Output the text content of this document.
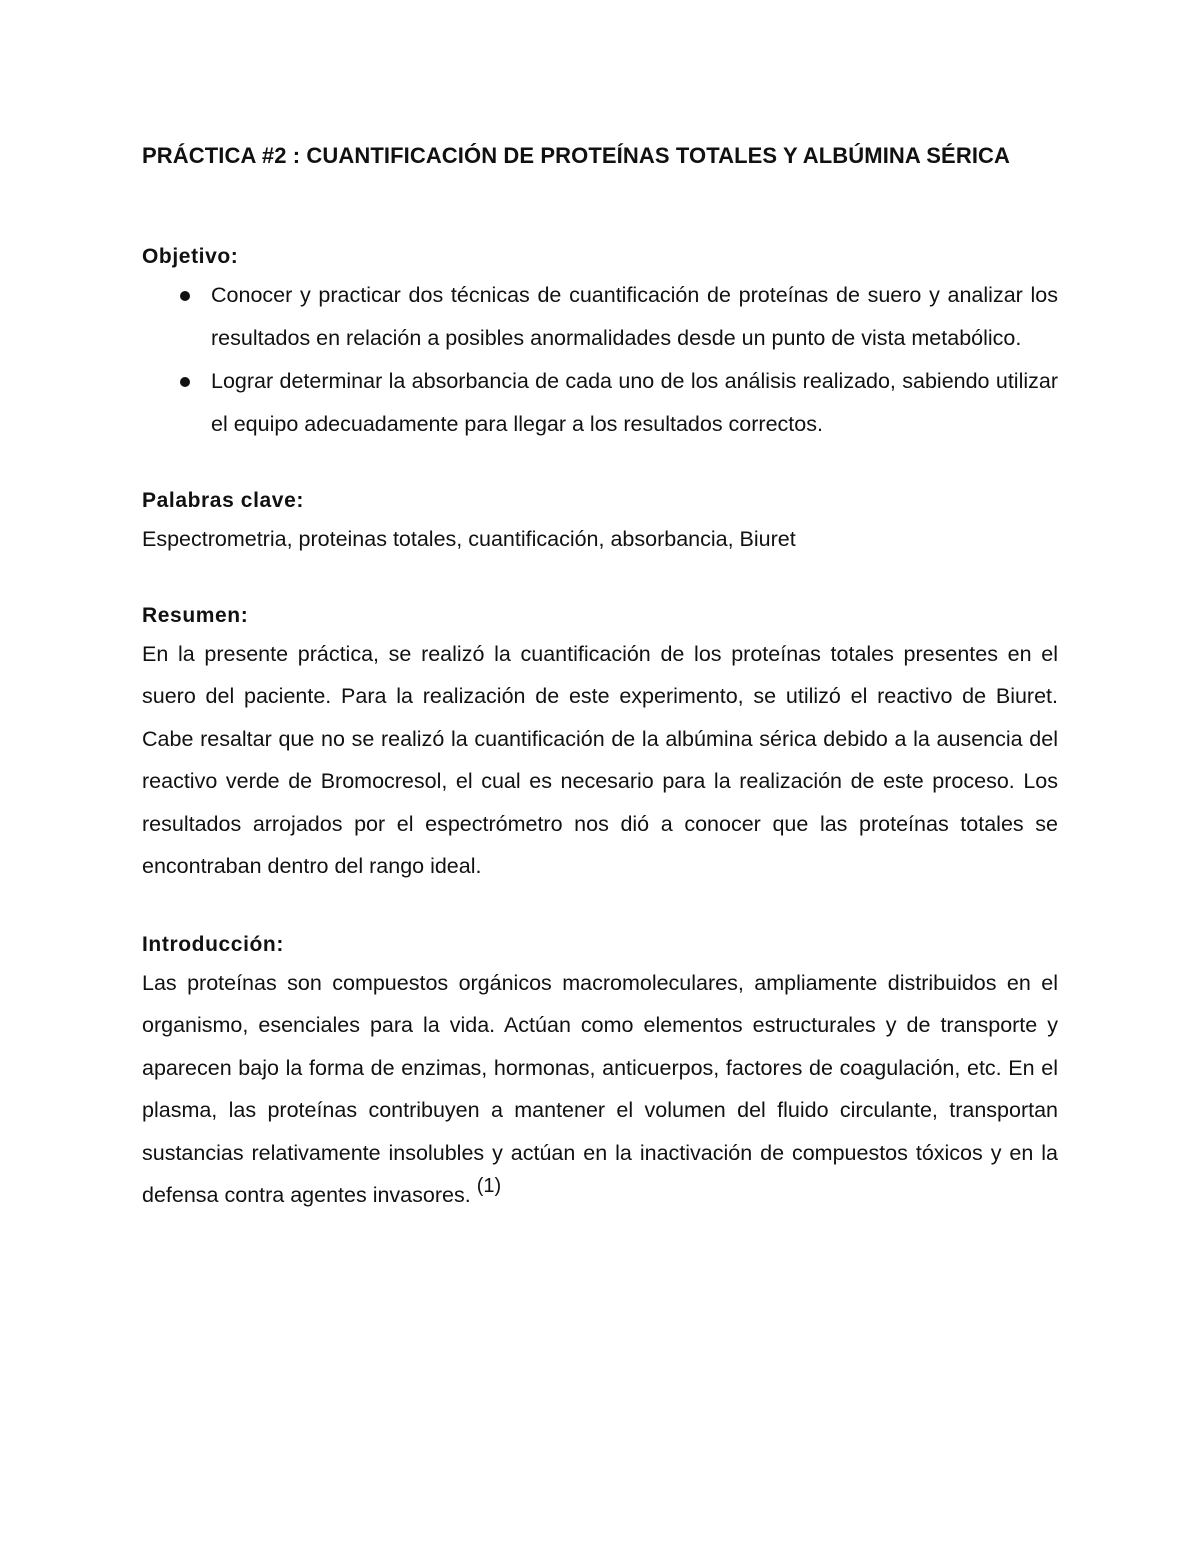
PRÁCTICA #2 : CUANTIFICACIÓN DE PROTEÍNAS TOTALES Y ALBÚMINA SÉRICA
Objetivo:
Conocer y practicar dos técnicas de cuantificación de proteínas de suero y analizar los resultados en relación a posibles anormalidades desde un punto de vista metabólico.
Lograr determinar la absorbancia de cada uno de los análisis realizado, sabiendo utilizar el equipo adecuadamente para llegar a los resultados correctos.
Palabras clave:

Espectrometria, proteinas totales, cuantificación, absorbancia, Biuret

Resumen:

En la presente práctica, se realizó la cuantificación de los proteínas totales presentes en el suero del paciente. Para la realización de este experimento, se utilizó el reactivo de Biuret. Cabe resaltar que no se realizó la cuantificación de la albúmina sérica debido a la ausencia del reactivo verde de Bromocresol, el cual es necesario para la realización de este proceso. Los resultados arrojados por el espectrómetro nos dió a conocer que las proteínas totales se encontraban dentro del rango ideal.

Introducción:

Las proteínas son compuestos orgánicos macromoleculares, ampliamente distribuidos en el organismo, esenciales para la vida. Actúan como elementos estructurales y de transporte y aparecen bajo la forma de enzimas, hormonas, anticuerpos, factores de coagulación, etc. En el plasma, las proteínas contribuyen a mantener el volumen del fluido circulante, transportan sustancias relativamente insolubles y actúan en la inactivación de compuestos tóxicos y en la defensa contra agentes invasores. (1)
